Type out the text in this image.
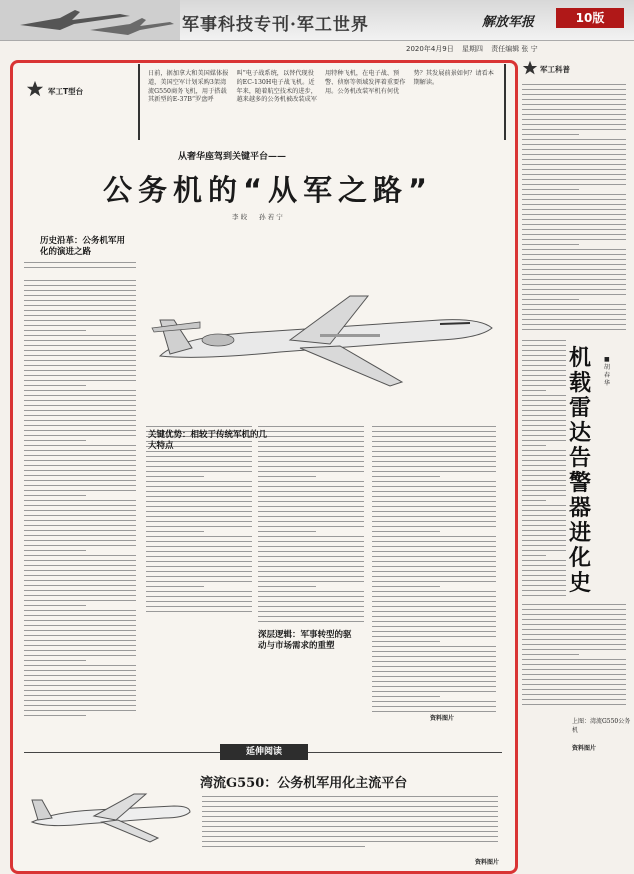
军事科技专刊·军工世界	解放军报	10版
2020年4月9日 星期四 责任编辑 张 宁
军工T型台
日前，据加拿大和美国媒体报道，美国空军计划采购3架湾流G550商务飞机，用于搭载其新型的E-37B“罗盘呼叫”电子战系统，以替代现役的EC-130H电子战飞机。近年来，随着航空技术的进步，越来越多的公务机被改装成军用特种飞机，在电子战、预警、侦察等领域发挥着重要作用。公务机改装军机有何优势？其发展前景如何？请看本期解读。
从奢华座驾到关键平台——
公务机的“从军之路”
李 皎 孙 若 宁
历史沿革：公务机军用化的演进之路
关键优势：相较于传统军机的几大特点
深层逻辑：军事转型的驱动与市场需求的重塑
资料图片
延伸阅读
湾流G550：公务机军用化主流平台
资料图片
军工科普
机载雷达告警器进化史
■胡 春 华
资料图片
上图：湾流G550公务机
